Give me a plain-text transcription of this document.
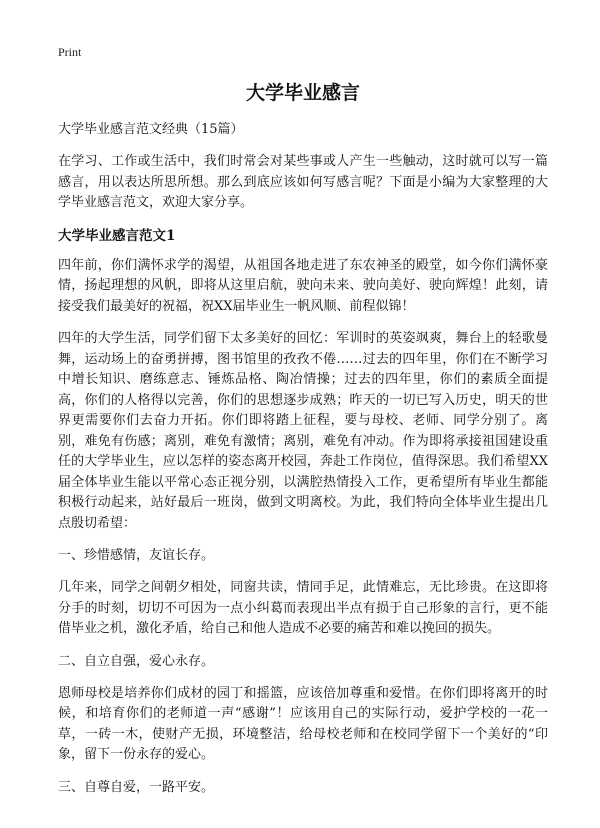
Print
大学毕业感言
大学毕业感言范文经典（15篇）
在学习、工作或生活中，我们时常会对某些事或人产生一些触动，这时就可以写一篇感言，用以表达所思所想。那么到底应该如何写感言呢？下面是小编为大家整理的大学毕业感言范文，欢迎大家分享。
大学毕业感言范文1
四年前，你们满怀求学的渴望，从祖国各地走进了东农神圣的殿堂，如今你们满怀豪情，扬起理想的风帆，即将从这里启航，驶向未来、驶向美好、驶向辉煌！此刻，请接受我们最美好的祝福，祝XX届毕业生一帆风顺、前程似锦！
四年的大学生活，同学们留下太多美好的回忆：军训时的英姿飒爽，舞台上的轻歌曼舞，运动场上的奋勇拼搏，图书馆里的孜孜不倦……过去的四年里，你们在不断学习中增长知识、磨练意志、锤炼品格、陶冶情操；过去的四年里，你们的素质全面提高，你们的人格得以完善，你们的思想逐步成熟；昨天的一切已写入历史，明天的世界更需要你们去奋力开拓。你们即将踏上征程，要与母校、老师、同学分别了。离别，难免有伤感；离别，难免有激情；离别，难免有冲动。作为即将承接祖国建设重任的大学毕业生，应以怎样的姿态离开校园，奔赴工作岗位，值得深思。我们希望XX届全体毕业生能以平常心态正视分别，以满腔热情投入工作，更希望所有毕业生都能积极行动起来，站好最后一班岗，做到文明离校。为此，我们特向全体毕业生提出几点殷切希望：
一、珍惜感情，友谊长存。
几年来，同学之间朝夕相处，同窗共读，情同手足，此情难忘，无比珍贵。在这即将分手的时刻，切切不可因为一点小纠葛而表现出半点有损于自己形象的言行，更不能借毕业之机，激化矛盾，给自己和他人造成不必要的痛苦和难以挽回的损失。
二、自立自强，爱心永存。
恩师母校是培养你们成材的园丁和摇篮，应该倍加尊重和爱惜。在你们即将离开的时候，和培育你们的老师道一声“感谢”！应该用自己的实际行动，爱护学校的一花一草，一砖一木，使财产无损，环境整洁，给母校老师和在校同学留下一个美好的“印象，留下一份永存的爱心。
三、自尊自爱，一路平安。
